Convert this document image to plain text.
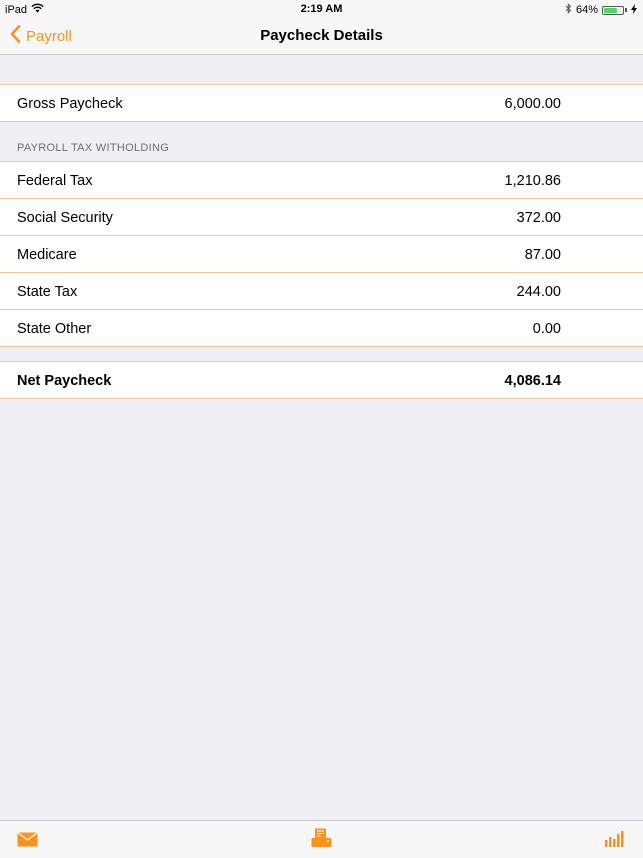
iPad	2:19 AM	64%
Payroll	Paycheck Details
Gross Paycheck	6,000.00
PAYROLL TAX WITHOLDING
Federal Tax	1,210.86
Social Security	372.00
Medicare	87.00
State Tax	244.00
State Other	0.00
Net Paycheck	4,086.14
